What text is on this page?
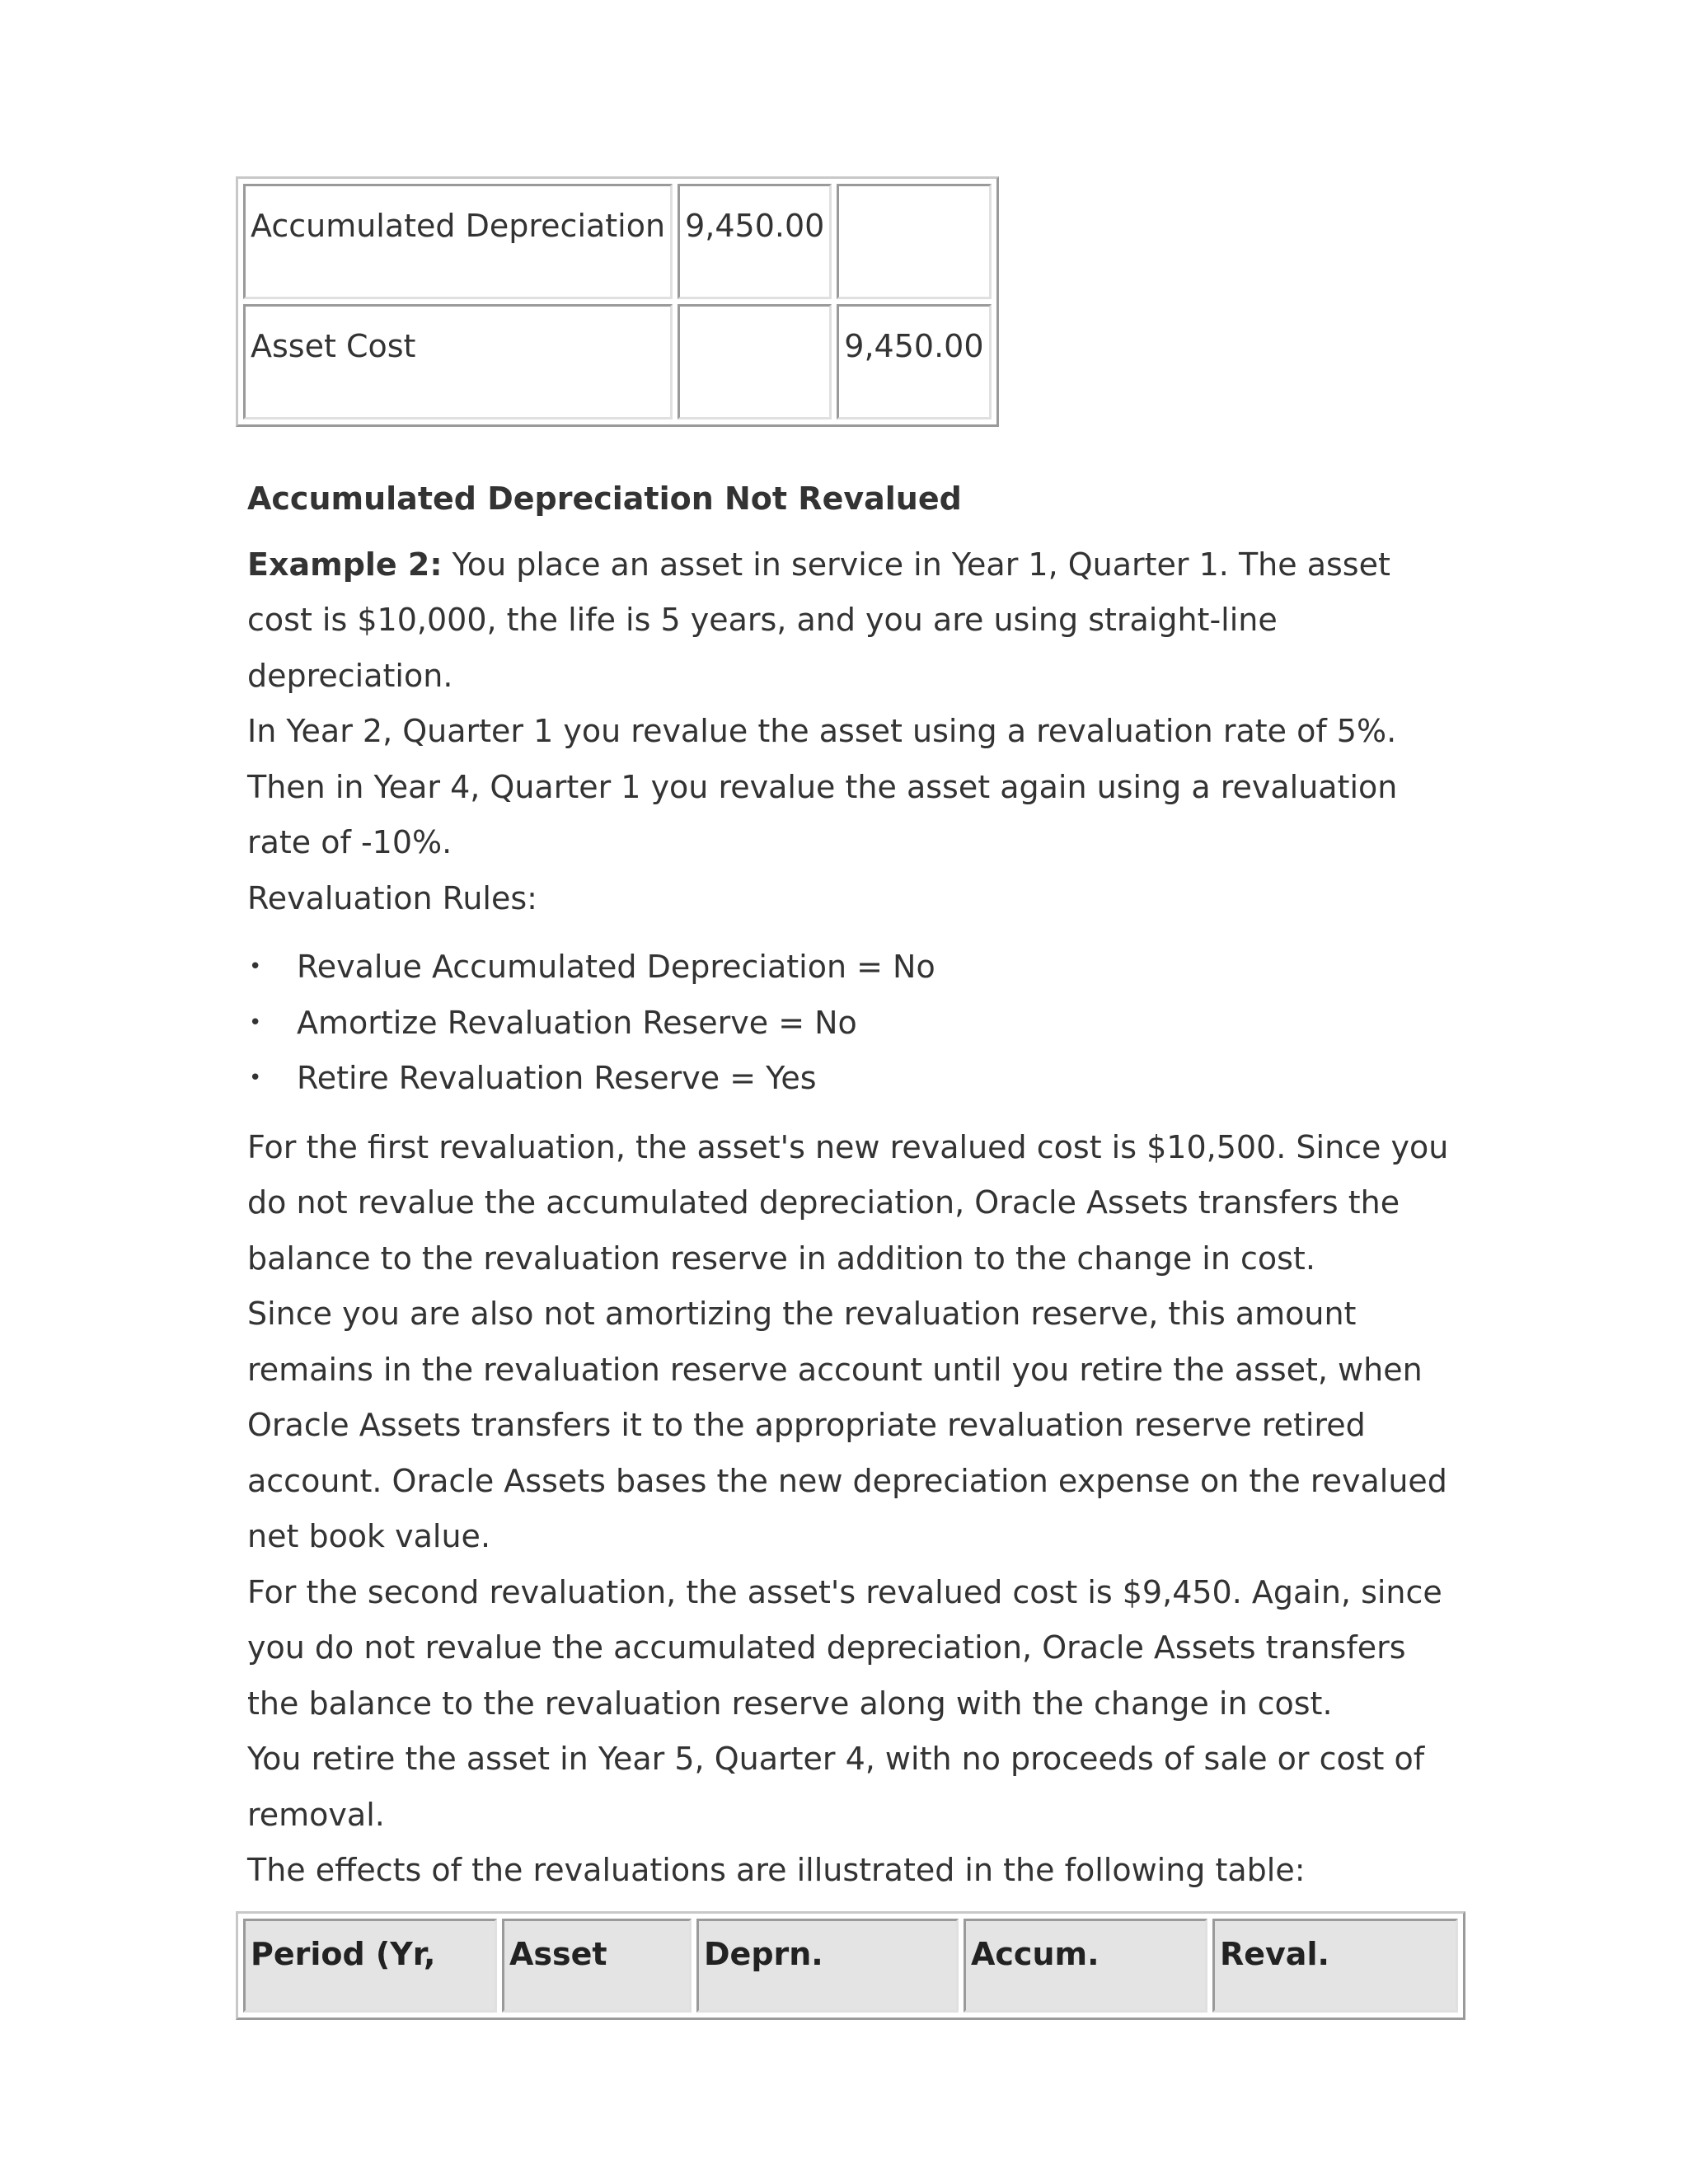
Accumulated Depreciation	9,450.00	
Asset Cost		9,450.00
Accumulated Depreciation Not Revalued

Example 2: You place an asset in service in Year 1, Quarter 1. The asset cost is $10,000, the life is 5 years, and you are using straight-line depreciation.

In Year 2, Quarter 1 you revalue the asset using a revaluation rate of 5%. Then in Year 4, Quarter 1 you revalue the asset again using a revaluation rate of -10%.

Revaluation Rules:

• Revalue Accumulated Depreciation = No
• Amortize Revaluation Reserve = No
• Retire Revaluation Reserve = Yes

For the first revaluation, the asset's new revalued cost is $10,500. Since you do not revalue the accumulated depreciation, Oracle Assets transfers the balance to the revaluation reserve in addition to the change in cost.

Since you are also not amortizing the revaluation reserve, this amount remains in the revaluation reserve account until you retire the asset, when Oracle Assets transfers it to the appropriate revaluation reserve retired account. Oracle Assets bases the new depreciation expense on the revalued net book value.

For the second revaluation, the asset's revalued cost is $9,450. Again, since you do not revalue the accumulated depreciation, Oracle Assets transfers the balance to the revaluation reserve along with the change in cost.

You retire the asset in Year 5, Quarter 4, with no proceeds of sale or cost of removal.

The effects of the revaluations are illustrated in the following table:

Period (Yr,	Asset	Deprn.	Accum.	Reval.
